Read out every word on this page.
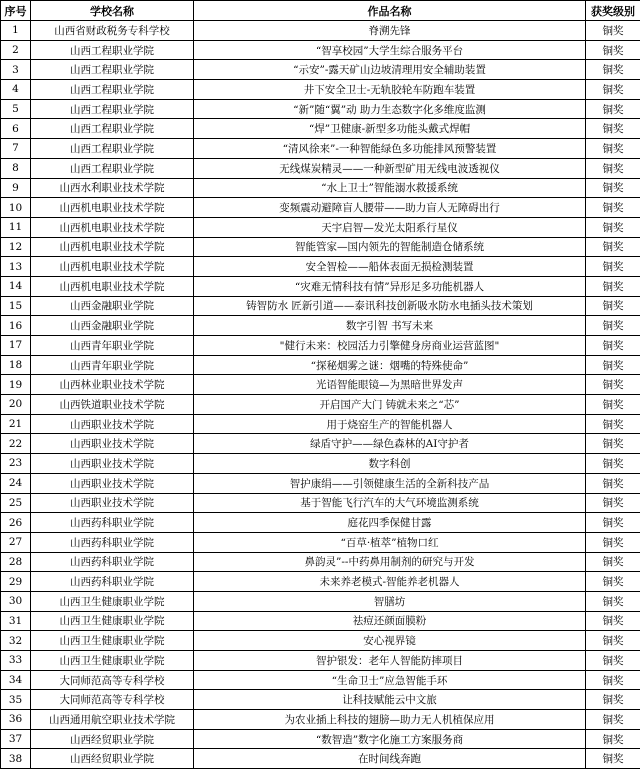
序号	学校名称	作品名称	获奖级别
1	山西省财政税务专科学校	脊溯先锋	铜奖
2	山西工程职业学院	“智享校园”大学生综合服务平台	铜奖
3	山西工程职业学院	“示安”-露天矿山边坡清理用安全辅助装置	铜奖
4	山西工程职业学院	井下安全卫士-无轨胶轮车防跑车装置	铜奖
5	山西工程职业学院	“新”随“翼”动 助力生态数字化多维度监测	铜奖
6	山西工程职业学院	“焊”卫健康-新型多功能头戴式焊帽	铜奖
7	山西工程职业学院	“清风徐来”-一种智能绿色多功能排风预警装置	铜奖
8	山西工程职业学院	无线煤炭精灵——一种新型矿用无线电波透视仪	铜奖
9	山西水利职业技术学院	“水上卫士”智能溺水救援系统	铜奖
10	山西机电职业技术学院	变频震动避障盲人腰带——助力盲人无障碍出行	铜奖
11	山西机电职业技术学院	天宇启智—发光太阳系行星仪	铜奖
12	山西机电职业技术学院	智能管家—国内领先的智能制造仓储系统	铜奖
13	山西机电职业技术学院	安全智检——船体表面无损检测装置	铜奖
14	山西机电职业技术学院	“灾难无情科技有情”异形足多功能机器人	铜奖
15	山西金融职业学院	铸智防水 匠新引道——泰讯科技创新吸水防水电插头技术策划	铜奖
16	山西金融职业学院	数字引智 书写未来	铜奖
17	山西青年职业学院	"健行未来：校园活力引擎健身房商业运营蓝图"	铜奖
18	山西青年职业学院	“探秘烟雾之谜：烟嘴的特殊使命”	铜奖
19	山西林业职业技术学院	光语智能眼镜—为黑暗世界发声	铜奖
20	山西铁道职业技术学院	开启国产大门 铸就未来之“芯”	铜奖
21	山西职业技术学院	用于烧窑生产的智能机器人	铜奖
22	山西职业技术学院	绿盾守护——绿色森林的AI守护者	铜奖
23	山西职业技术学院	数字科创	铜奖
24	山西职业技术学院	智护康绢——引领健康生活的全新科技产品	铜奖
25	山西职业技术学院	基于智能飞行汽车的大气环境监测系统	铜奖
26	山西药科职业学院	庭花四季保健甘露	铜奖
27	山西药科职业学院	“百草·植萃”植物口红	铜奖
28	山西药科职业学院	鼻韵灵”--中药鼻用制剂的研究与开发	铜奖
29	山西药科职业学院	未来养老模式-智能养老机器人	铜奖
30	山西卫生健康职业学院	智膳坊	铜奖
31	山西卫生健康职业学院	祛痘还颜面膜粉	铜奖
32	山西卫生健康职业学院	安心视界镜	铜奖
33	山西卫生健康职业学院	智护银发：老年人智能防摔项目	铜奖
34	大同师范高等专科学校	“生命卫士”应急智能手环	铜奖
35	大同师范高等专科学校	让科技赋能云中文旅	铜奖
36	山西通用航空职业技术学院	为农业插上科技的翅膀—助力无人机植保应用	铜奖
37	山西经贸职业学院	“数智造”数字化施工方案服务商	铜奖
38	山西经贸职业学院	在时间线奔跑	铜奖
